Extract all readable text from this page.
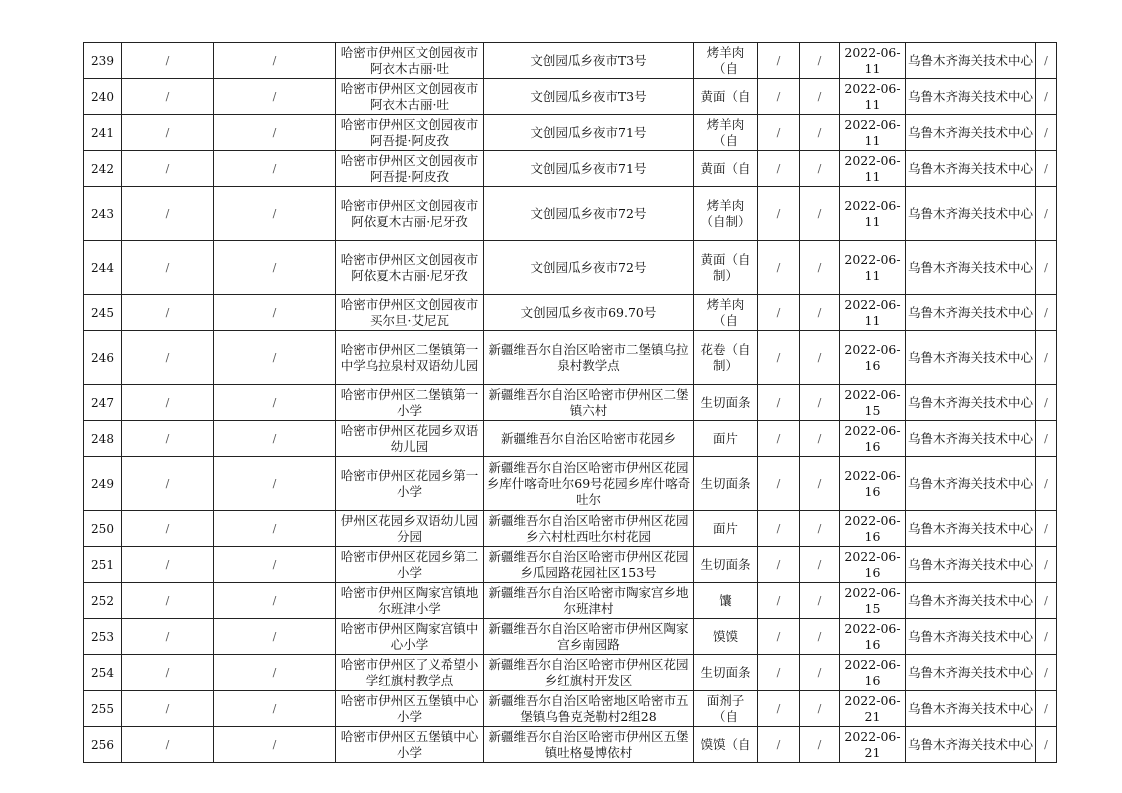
239	/	/	哈密市伊州区文创园夜市阿衣木古丽·吐	文创园瓜乡夜市T3号	烤羊肉（自	/	/	2022-06-11	乌鲁木齐海关技术中心	/

240	/	/	哈密市伊州区文创园夜市阿衣木古丽·吐	文创园瓜乡夜市T3号	黄面（自	/	/	2022-06-11	乌鲁木齐海关技术中心	/

241	/	/	哈密市伊州区文创园夜市阿吾提·阿皮孜	文创园瓜乡夜市71号	烤羊肉（自	/	/	2022-06-11	乌鲁木齐海关技术中心	/

242	/	/	哈密市伊州区文创园夜市阿吾提·阿皮孜	文创园瓜乡夜市71号	黄面（自	/	/	2022-06-11	乌鲁木齐海关技术中心	/

243	/	/	哈密市伊州区文创园夜市阿依夏木古丽·尼牙孜	文创园瓜乡夜市72号	烤羊肉（自制）	/	/	2022-06-11	乌鲁木齐海关技术中心	/

244	/	/	哈密市伊州区文创园夜市阿依夏木古丽·尼牙孜	文创园瓜乡夜市72号	黄面（自制）	/	/	2022-06-11	乌鲁木齐海关技术中心	/

245	/	/	哈密市伊州区文创园夜市买尔旦·艾尼瓦	文创园瓜乡夜市69.70号	烤羊肉（自	/	/	2022-06-11	乌鲁木齐海关技术中心	/

246	/	/	哈密市伊州区二堡镇第一中学乌拉泉村双语幼儿园	新疆维吾尔自治区哈密市二堡镇乌拉泉村教学点	花卷（自制）	/	/	2022-06-16	乌鲁木齐海关技术中心	/

247	/	/	哈密市伊州区二堡镇第一小学	新疆维吾尔自治区哈密市伊州区二堡镇六村	生切面条	/	/	2022-06-15	乌鲁木齐海关技术中心	/

248	/	/	哈密市伊州区花园乡双语幼儿园	新疆维吾尔自治区哈密市花园乡	面片	/	/	2022-06-16	乌鲁木齐海关技术中心	/

249	/	/	哈密市伊州区花园乡第一小学	新疆维吾尔自治区哈密市伊州区花园乡库什喀奇吐尔69号花园乡库什喀奇吐尔	生切面条	/	/	2022-06-16	乌鲁木齐海关技术中心	/

250	/	/	伊州区花园乡双语幼儿园分园	新疆维吾尔自治区哈密市伊州区花园乡六村杜西吐尔村花园	面片	/	/	2022-06-16	乌鲁木齐海关技术中心	/

251	/	/	哈密市伊州区花园乡第二小学	新疆维吾尔自治区哈密市伊州区花园乡瓜园路花园社区153号	生切面条	/	/	2022-06-16	乌鲁木齐海关技术中心	/

252	/	/	哈密市伊州区陶家宫镇地尔班津小学	新疆维吾尔自治区哈密市陶家宫乡地尔班津村	馕	/	/	2022-06-15	乌鲁木齐海关技术中心	/

253	/	/	哈密市伊州区陶家宫镇中心小学	新疆维吾尔自治区哈密市伊州区陶家宫乡南园路	馍馍	/	/	2022-06-16	乌鲁木齐海关技术中心	/

254	/	/	哈密市伊州区了义希望小学红旗村教学点	新疆维吾尔自治区哈密市伊州区花园乡红旗村开发区	生切面条	/	/	2022-06-16	乌鲁木齐海关技术中心	/

255	/	/	哈密市伊州区五堡镇中心小学	新疆维吾尔自治区哈密地区哈密市五堡镇乌鲁克尧勒村2组28	面剂子（自	/	/	2022-06-21	乌鲁木齐海关技术中心	/

256	/	/	哈密市伊州区五堡镇中心小学	新疆维吾尔自治区哈密市伊州区五堡镇吐格曼博依村	馍馍（自	/	/	2022-06-21	乌鲁木齐海关技术中心	/
